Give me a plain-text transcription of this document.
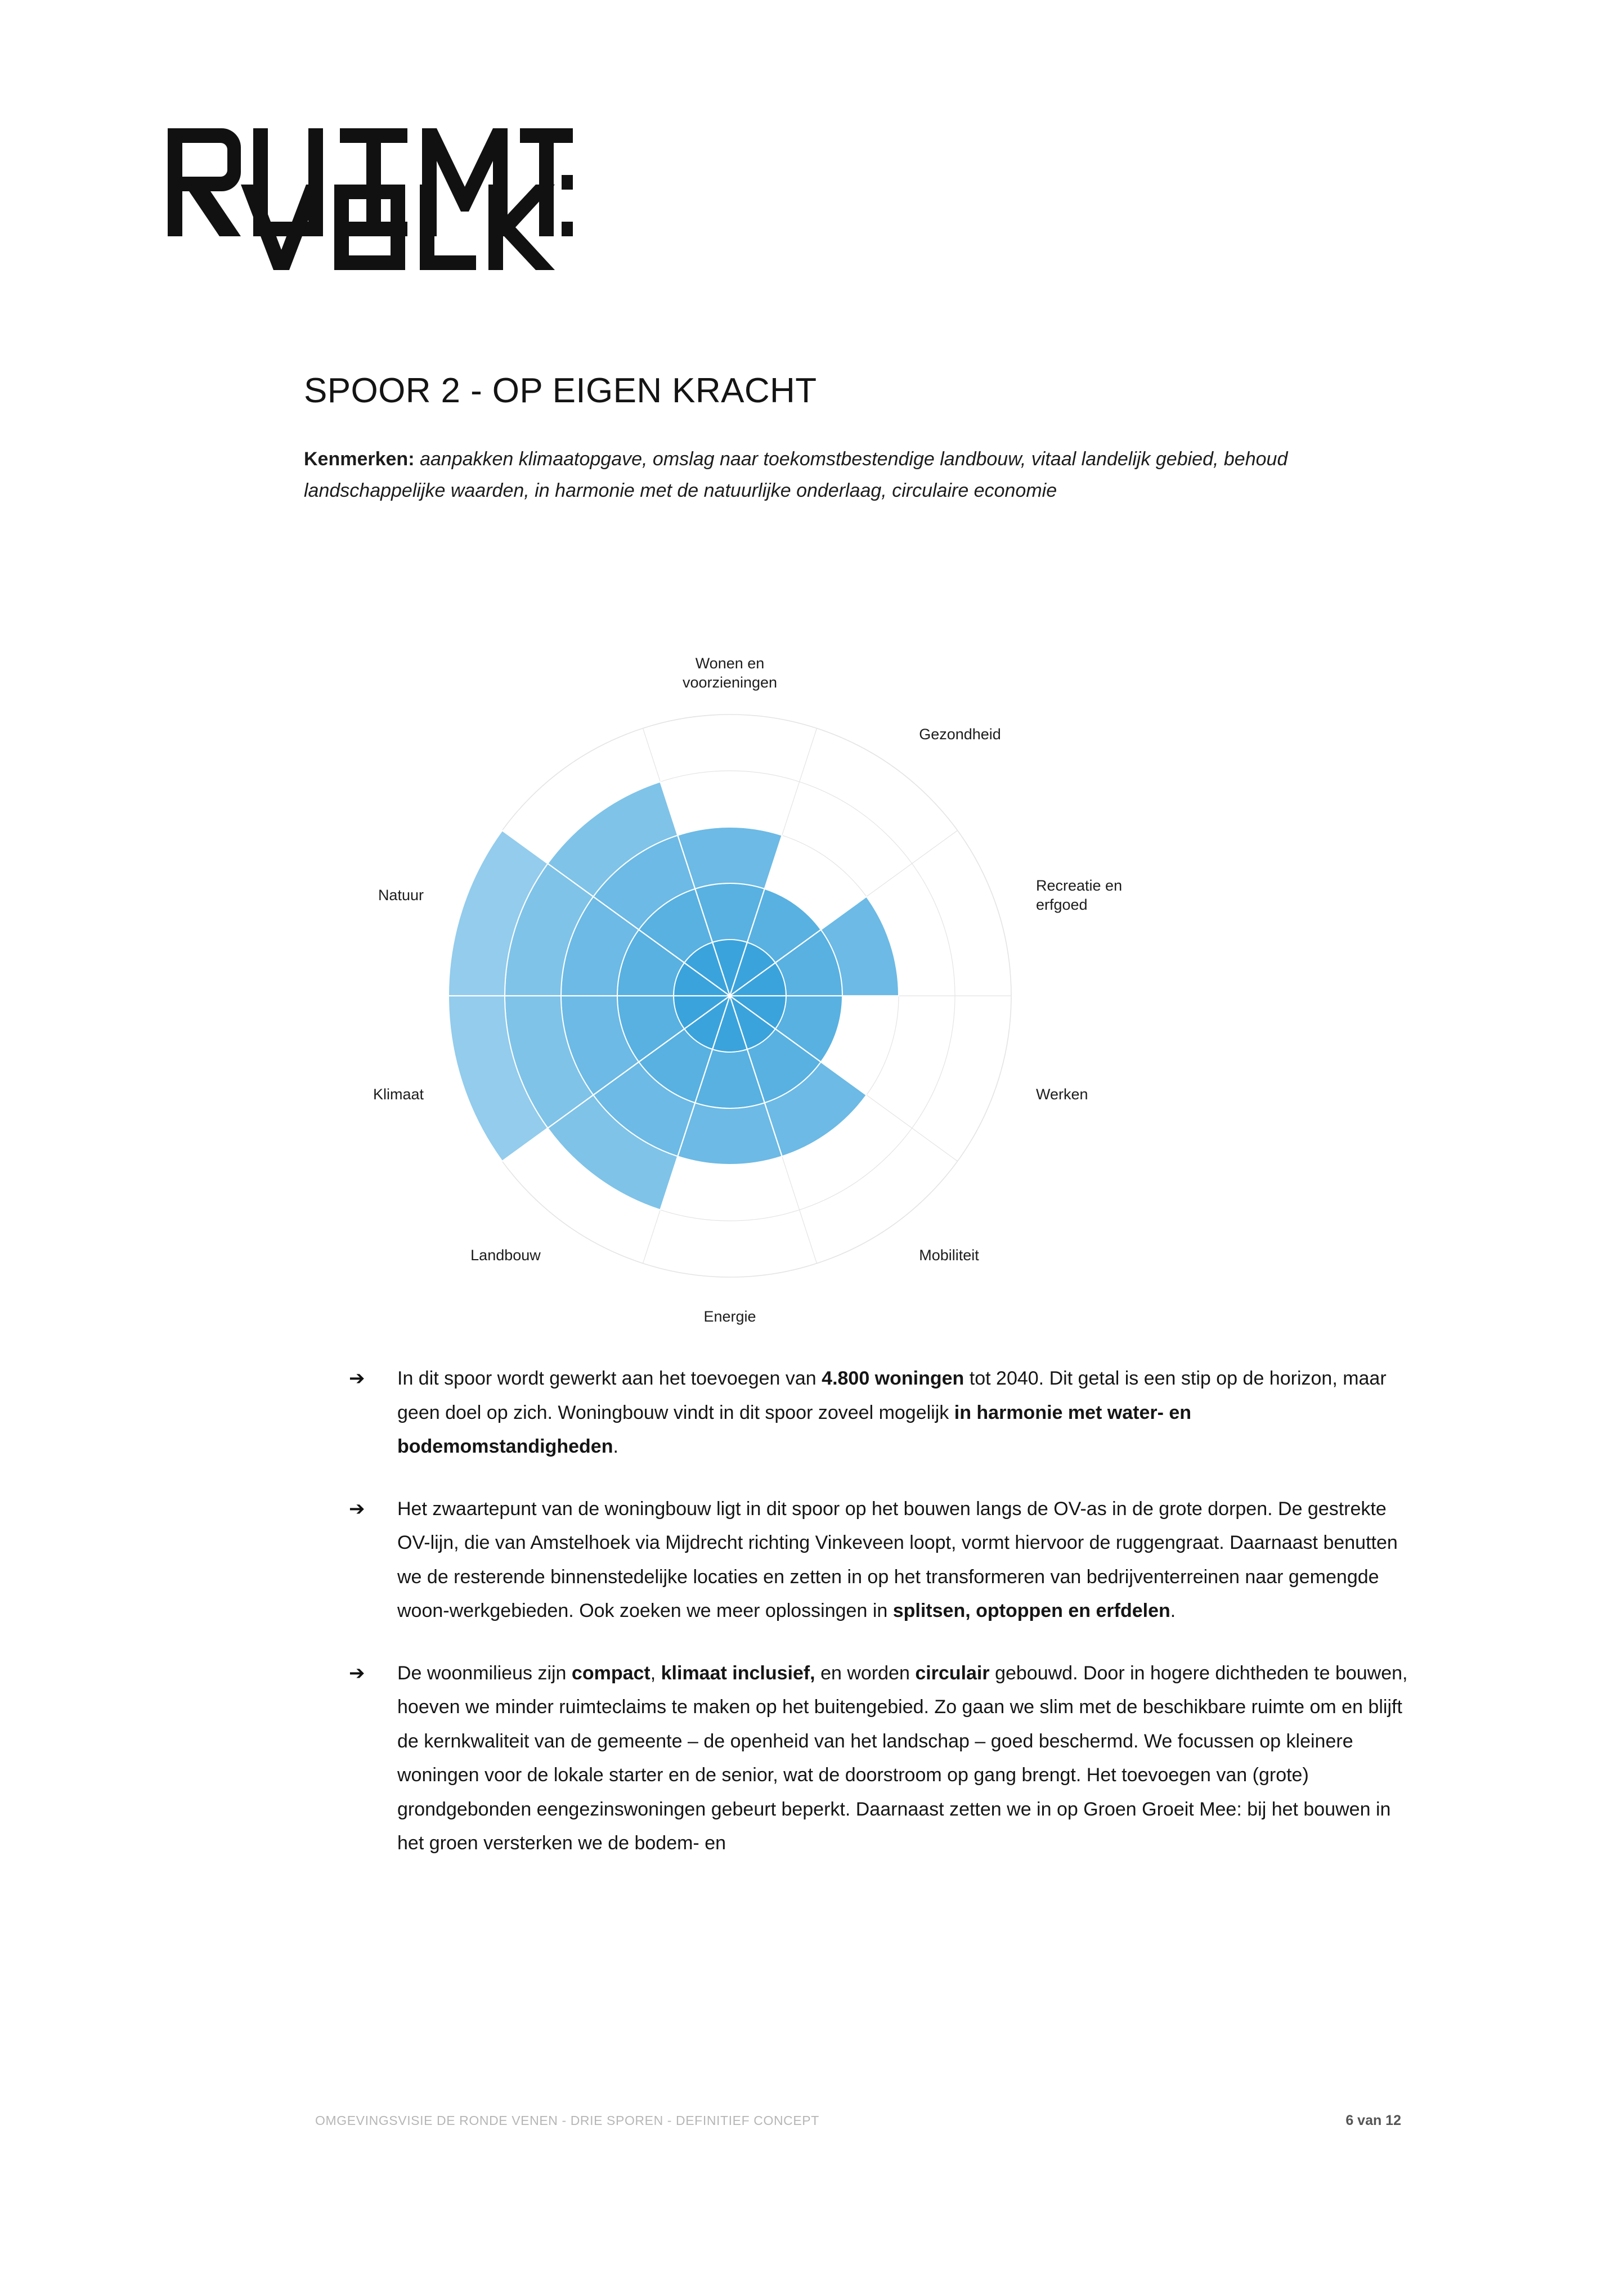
SPOOR 2 - OP EIGEN KRACHT

Kenmerken: aanpakken klimaatopgave, omslag naar toekomstbestendige landbouw, vitaal landelijk gebied, behoud landschappelijke waarden, in harmonie met de natuurlijke onderlaag, circulaire economie

Wonen en voorzieningen
Gezondheid
Recreatie en erfgoed
Werken
Mobiliteit
Energie
Landbouw
Klimaat
Natuur
➔	In dit spoor wordt gewerkt aan het toevoegen van 4.800 woningen tot 2040. Dit getal is een stip op de horizon, maar geen doel op zich. Woningbouw vindt in dit spoor zoveel mogelijk in harmonie met water- en bodemomstandigheden.
➔	Het zwaartepunt van de woningbouw ligt in dit spoor op het bouwen langs de OV-as in de grote dorpen. De gestrekte OV-lijn, die van Amstelhoek via Mijdrecht richting Vinkeveen loopt, vormt hiervoor de ruggengraat. Daarnaast benutten we de resterende binnenstedelijke locaties en zetten in op het transformeren van bedrijventerreinen naar gemengde woon-werkgebieden. Ook zoeken we meer oplossingen in splitsen, optoppen en erfdelen.
➔	De woonmilieus zijn compact, klimaat inclusief, en worden circulair gebouwd. Door in hogere dichtheden te bouwen, hoeven we minder ruimteclaims te maken op het buitengebied. Zo gaan we slim met de beschikbare ruimte om en blijft de kernkwaliteit van de gemeente – de openheid van het landschap – goed beschermd. We focussen op kleinere woningen voor de lokale starter en de senior, wat de doorstroom op gang brengt. Het toevoegen van (grote) grondgebonden eengezinswoningen gebeurt beperkt. Daarnaast zetten we in op Groen Groeit Mee: bij het bouwen in het groen versterken we de bodem- en
OMGEVINGSVISIE DE RONDE VENEN - DRIE SPOREN - DEFINITIEF CONCEPT	6 van 12
